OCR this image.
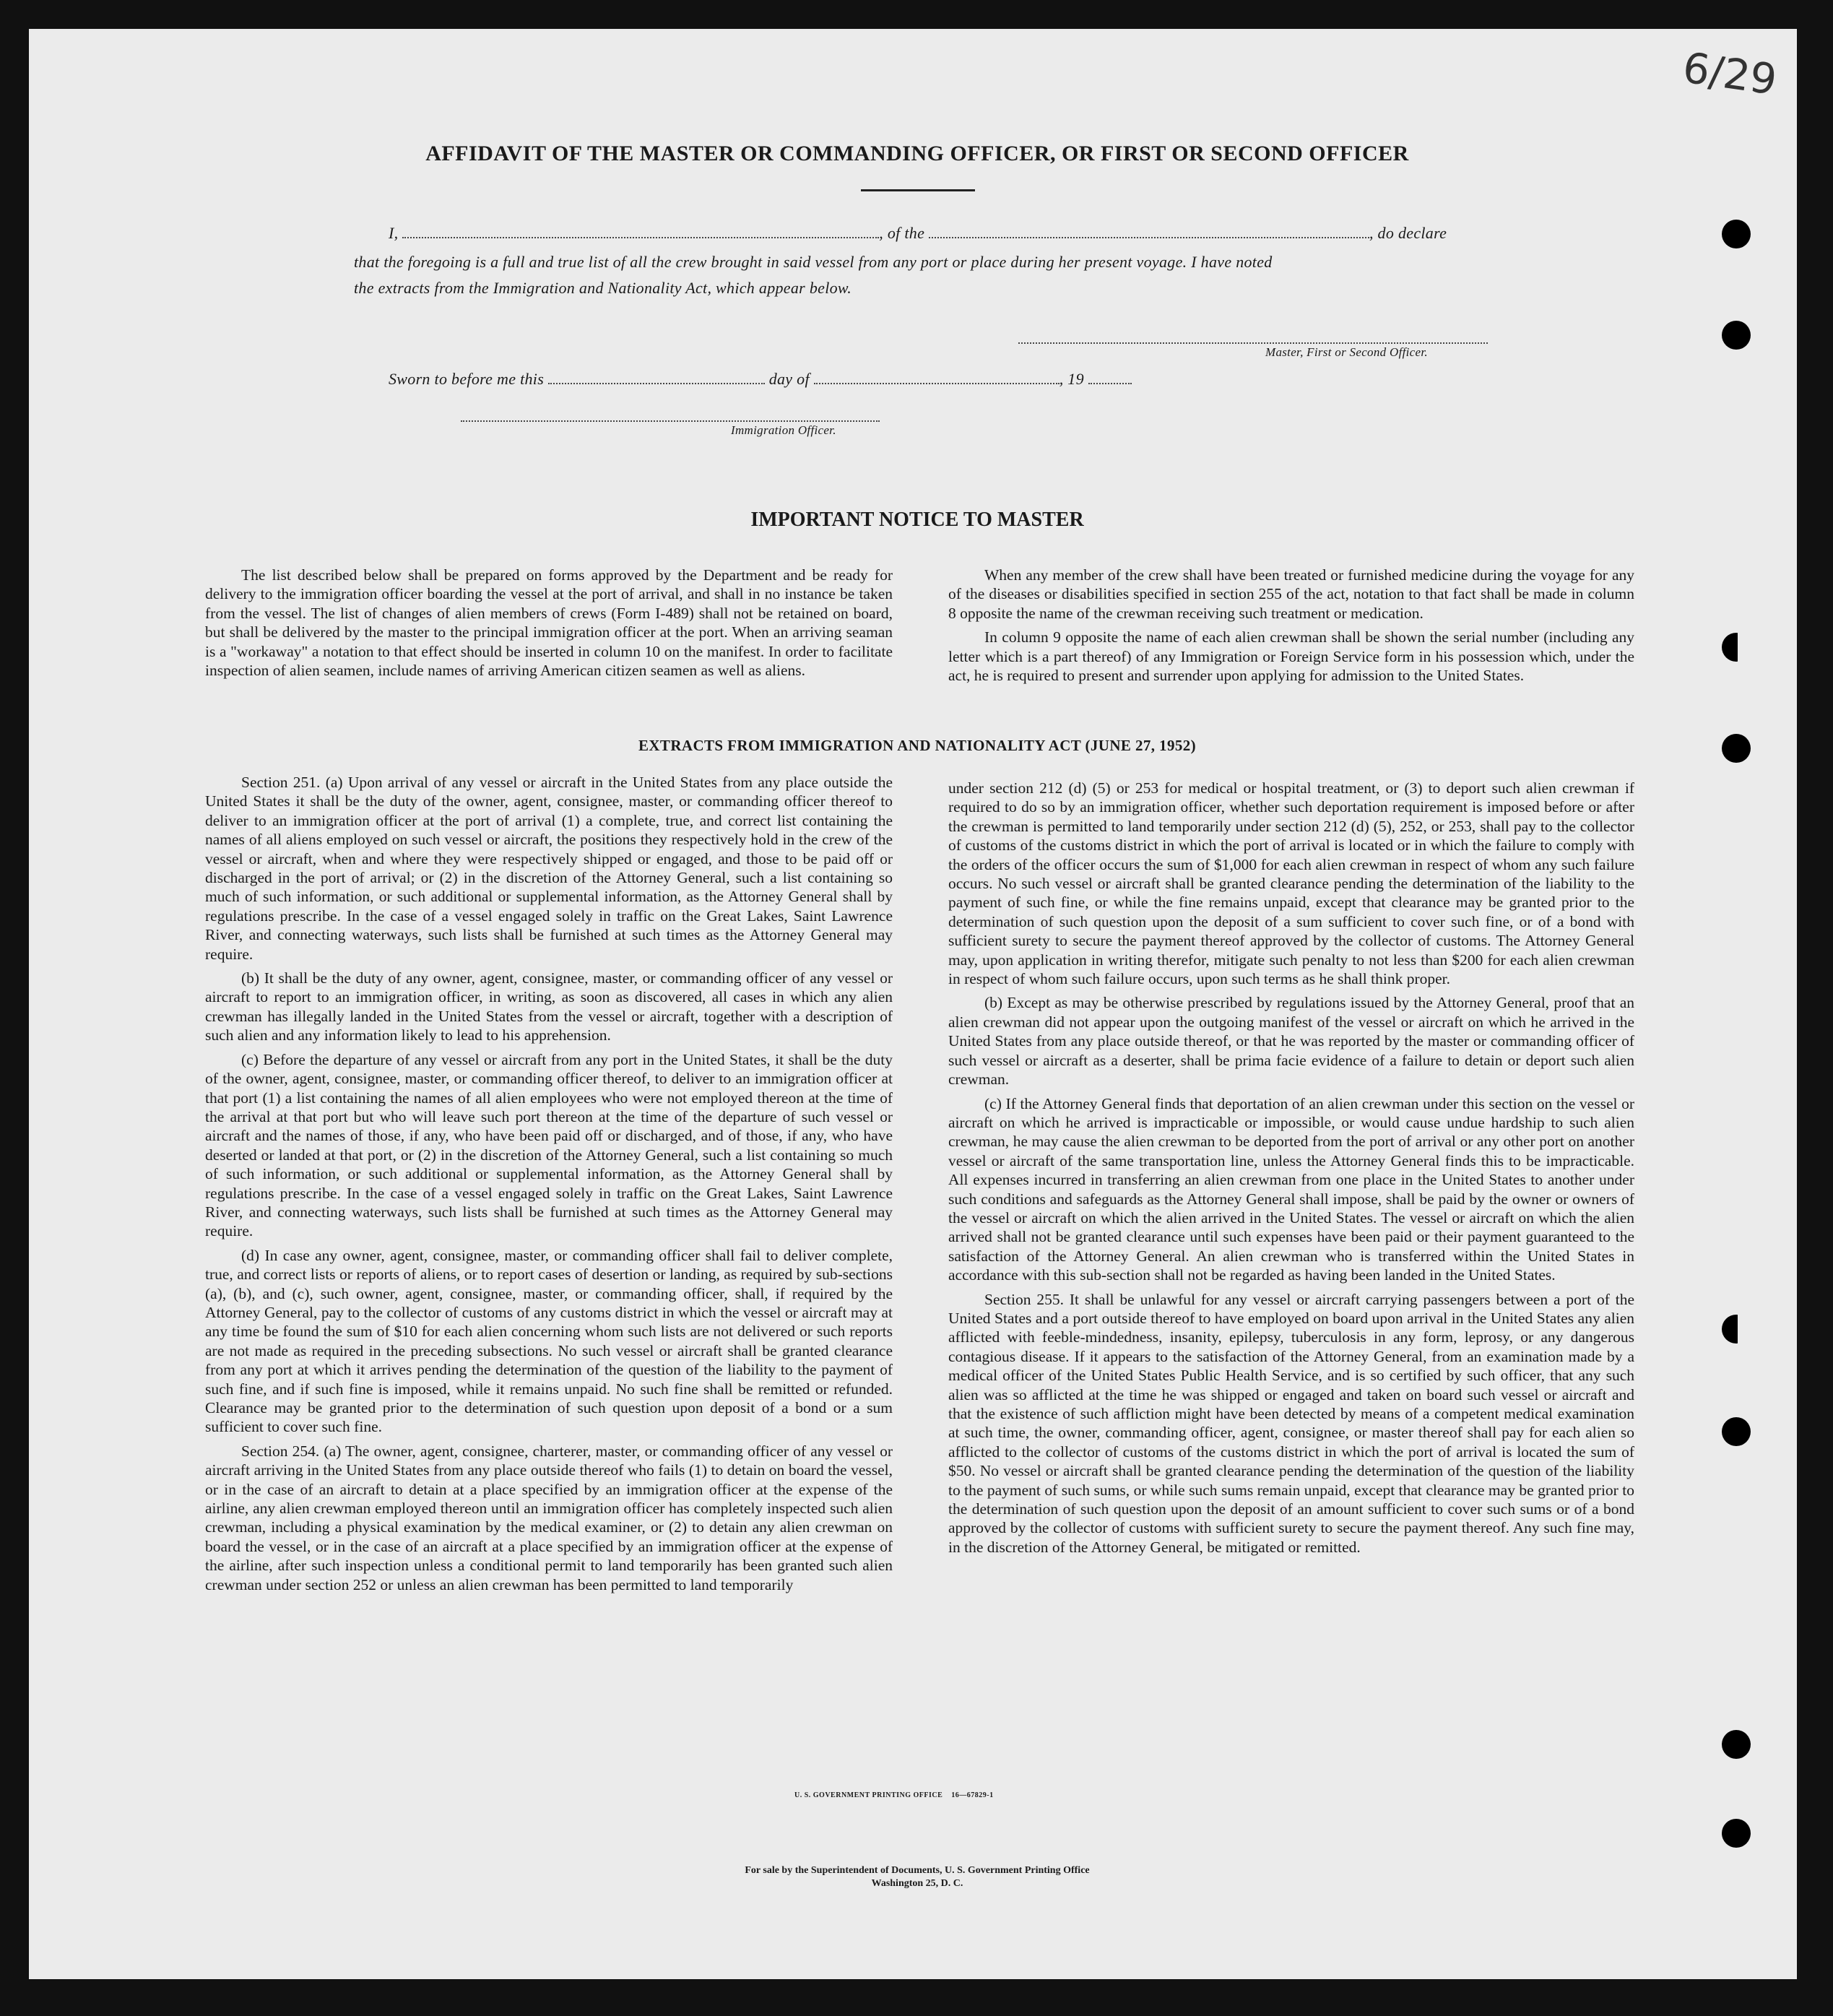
6/29
AFFIDAVIT OF THE MASTER OR COMMANDING OFFICER, OR FIRST OR SECOND OFFICER
I,	, of the	, do declare
that the foregoing is a full and true list of all the crew brought in said vessel from any port or place during her present voyage. I have noted
the extracts from the Immigration and Nationality Act, which appear below.
Master, First or Second Officer.
Sworn to before me this	day of	, 19
Immigration Officer.
IMPORTANT NOTICE TO MASTER

The list described below shall be prepared on forms approved by the Department and be ready for delivery to the immigration officer boarding the vessel at the port of arrival, and shall in no instance be taken from the vessel. The list of changes of alien members of crews (Form I-489) shall not be retained on board, but shall be delivered by the master to the principal immigration officer at the port. When an arriving seaman is a "workaway" a notation to that effect should be inserted in column 10 on the manifest. In order to facilitate inspection of alien seamen, include names of arriving American citizen seamen as well as aliens.

When any member of the crew shall have been treated or furnished medicine during the voyage for any of the diseases or disabilities specified in section 255 of the act, notation to that fact shall be made in column 8 opposite the name of the crewman receiving such treatment or medication.

In column 9 opposite the name of each alien crewman shall be shown the serial number (including any letter which is a part thereof) of any Immigration or Foreign Service form in his possession which, under the act, he is required to present and surrender upon applying for admission to the United States.

EXTRACTS FROM IMMIGRATION AND NATIONALITY ACT (JUNE 27, 1952)

Section 251. (a) Upon arrival of any vessel or aircraft in the United States from any place outside the United States it shall be the duty of the owner, agent, consignee, master, or commanding officer thereof to deliver to an immigration officer at the port of arrival (1) a complete, true, and correct list containing the names of all aliens employed on such vessel or aircraft, the positions they respectively hold in the crew of the vessel or aircraft, when and where they were respectively shipped or engaged, and those to be paid off or discharged in the port of arrival; or (2) in the discretion of the Attorney General, such a list containing so much of such information, or such additional or supplemental information, as the Attorney General shall by regulations prescribe. In the case of a vessel engaged solely in traffic on the Great Lakes, Saint Lawrence River, and connecting waterways, such lists shall be furnished at such times as the Attorney General may require.

(b) It shall be the duty of any owner, agent, consignee, master, or commanding officer of any vessel or aircraft to report to an immigration officer, in writing, as soon as discovered, all cases in which any alien crewman has illegally landed in the United States from the vessel or aircraft, together with a description of such alien and any information likely to lead to his apprehension.

(c) Before the departure of any vessel or aircraft from any port in the United States, it shall be the duty of the owner, agent, consignee, master, or commanding officer thereof, to deliver to an immigration officer at that port (1) a list containing the names of all alien employees who were not employed thereon at the time of the arrival at that port but who will leave such port thereon at the time of the departure of such vessel or aircraft and the names of those, if any, who have been paid off or discharged, and of those, if any, who have deserted or landed at that port, or (2) in the discretion of the Attorney General, such a list containing so much of such information, or such additional or supplemental information, as the Attorney General shall by regulations prescribe. In the case of a vessel engaged solely in traffic on the Great Lakes, Saint Lawrence River, and connecting waterways, such lists shall be furnished at such times as the Attorney General may require.

(d) In case any owner, agent, consignee, master, or commanding officer shall fail to deliver complete, true, and correct lists or reports of aliens, or to report cases of desertion or landing, as required by sub-sections (a), (b), and (c), such owner, agent, consignee, master, or commanding officer, shall, if required by the Attorney General, pay to the collector of customs of any customs district in which the vessel or aircraft may at any time be found the sum of $10 for each alien concerning whom such lists are not delivered or such reports are not made as required in the preceding subsections. No such vessel or aircraft shall be granted clearance from any port at which it arrives pending the determination of the question of the liability to the payment of such fine, and if such fine is imposed, while it remains unpaid. No such fine shall be remitted or refunded. Clearance may be granted prior to the determination of such question upon deposit of a bond or a sum sufficient to cover such fine.

Section 254. (a) The owner, agent, consignee, charterer, master, or commanding officer of any vessel or aircraft arriving in the United States from any place outside thereof who fails (1) to detain on board the vessel, or in the case of an aircraft to detain at a place specified by an immigration officer at the expense of the airline, any alien crewman employed thereon until an immigration officer has completely inspected such alien crewman, including a physical examination by the medical examiner, or (2) to detain any alien crewman on board the vessel, or in the case of an aircraft at a place specified by an immigration officer at the expense of the airline, after such inspection unless a conditional permit to land temporarily has been granted such alien crewman under section 252 or unless an alien crewman has been permitted to land temporarily

under section 212 (d) (5) or 253 for medical or hospital treatment, or (3) to deport such alien crewman if required to do so by an immigration officer, whether such deportation requirement is imposed before or after the crewman is permitted to land temporarily under section 212 (d) (5), 252, or 253, shall pay to the collector of customs of the customs district in which the port of arrival is located or in which the failure to comply with the orders of the officer occurs the sum of $1,000 for each alien crewman in respect of whom any such failure occurs. No such vessel or aircraft shall be granted clearance pending the determination of the liability to the payment of such fine, or while the fine remains unpaid, except that clearance may be granted prior to the determination of such question upon the deposit of a sum sufficient to cover such fine, or of a bond with sufficient surety to secure the payment thereof approved by the collector of customs. The Attorney General may, upon application in writing therefor, mitigate such penalty to not less than $200 for each alien crewman in respect of whom such failure occurs, upon such terms as he shall think proper.

(b) Except as may be otherwise prescribed by regulations issued by the Attorney General, proof that an alien crewman did not appear upon the outgoing manifest of the vessel or aircraft on which he arrived in the United States from any place outside thereof, or that he was reported by the master or commanding officer of such vessel or aircraft as a deserter, shall be prima facie evidence of a failure to detain or deport such alien crewman.

(c) If the Attorney General finds that deportation of an alien crewman under this section on the vessel or aircraft on which he arrived is impracticable or impossible, or would cause undue hardship to such alien crewman, he may cause the alien crewman to be deported from the port of arrival or any other port on another vessel or aircraft of the same transportation line, unless the Attorney General finds this to be impracticable. All expenses incurred in transferring an alien crewman from one place in the United States to another under such conditions and safeguards as the Attorney General shall impose, shall be paid by the owner or owners of the vessel or aircraft on which the alien arrived in the United States. The vessel or aircraft on which the alien arrived shall not be granted clearance until such expenses have been paid or their payment guaranteed to the satisfaction of the Attorney General. An alien crewman who is transferred within the United States in accordance with this sub-section shall not be regarded as having been landed in the United States.

Section 255. It shall be unlawful for any vessel or aircraft carrying passengers between a port of the United States and a port outside thereof to have employed on board upon arrival in the United States any alien afflicted with feeble-mindedness, insanity, epilepsy, tuberculosis in any form, leprosy, or any dangerous contagious disease. If it appears to the satisfaction of the Attorney General, from an examination made by a medical officer of the United States Public Health Service, and is so certified by such officer, that any such alien was so afflicted at the time he was shipped or engaged and taken on board such vessel or aircraft and that the existence of such affliction might have been detected by means of a competent medical examination at such time, the owner, commanding officer, agent, consignee, or master thereof shall pay for each alien so afflicted to the collector of customs of the customs district in which the port of arrival is located the sum of $50. No vessel or aircraft shall be granted clearance pending the determination of the question of the liability to the payment of such sums, or while such sums remain unpaid, except that clearance may be granted prior to the determination of such question upon the deposit of an amount sufficient to cover such sums or of a bond approved by the collector of customs with sufficient surety to secure the payment thereof. Any such fine may, in the discretion of the Attorney General, be mitigated or remitted.

U. S. GOVERNMENT PRINTING OFFICE    16—67829-1
For sale by the Superintendent of Documents, U. S. Government Printing Office
Washington 25, D. C.
